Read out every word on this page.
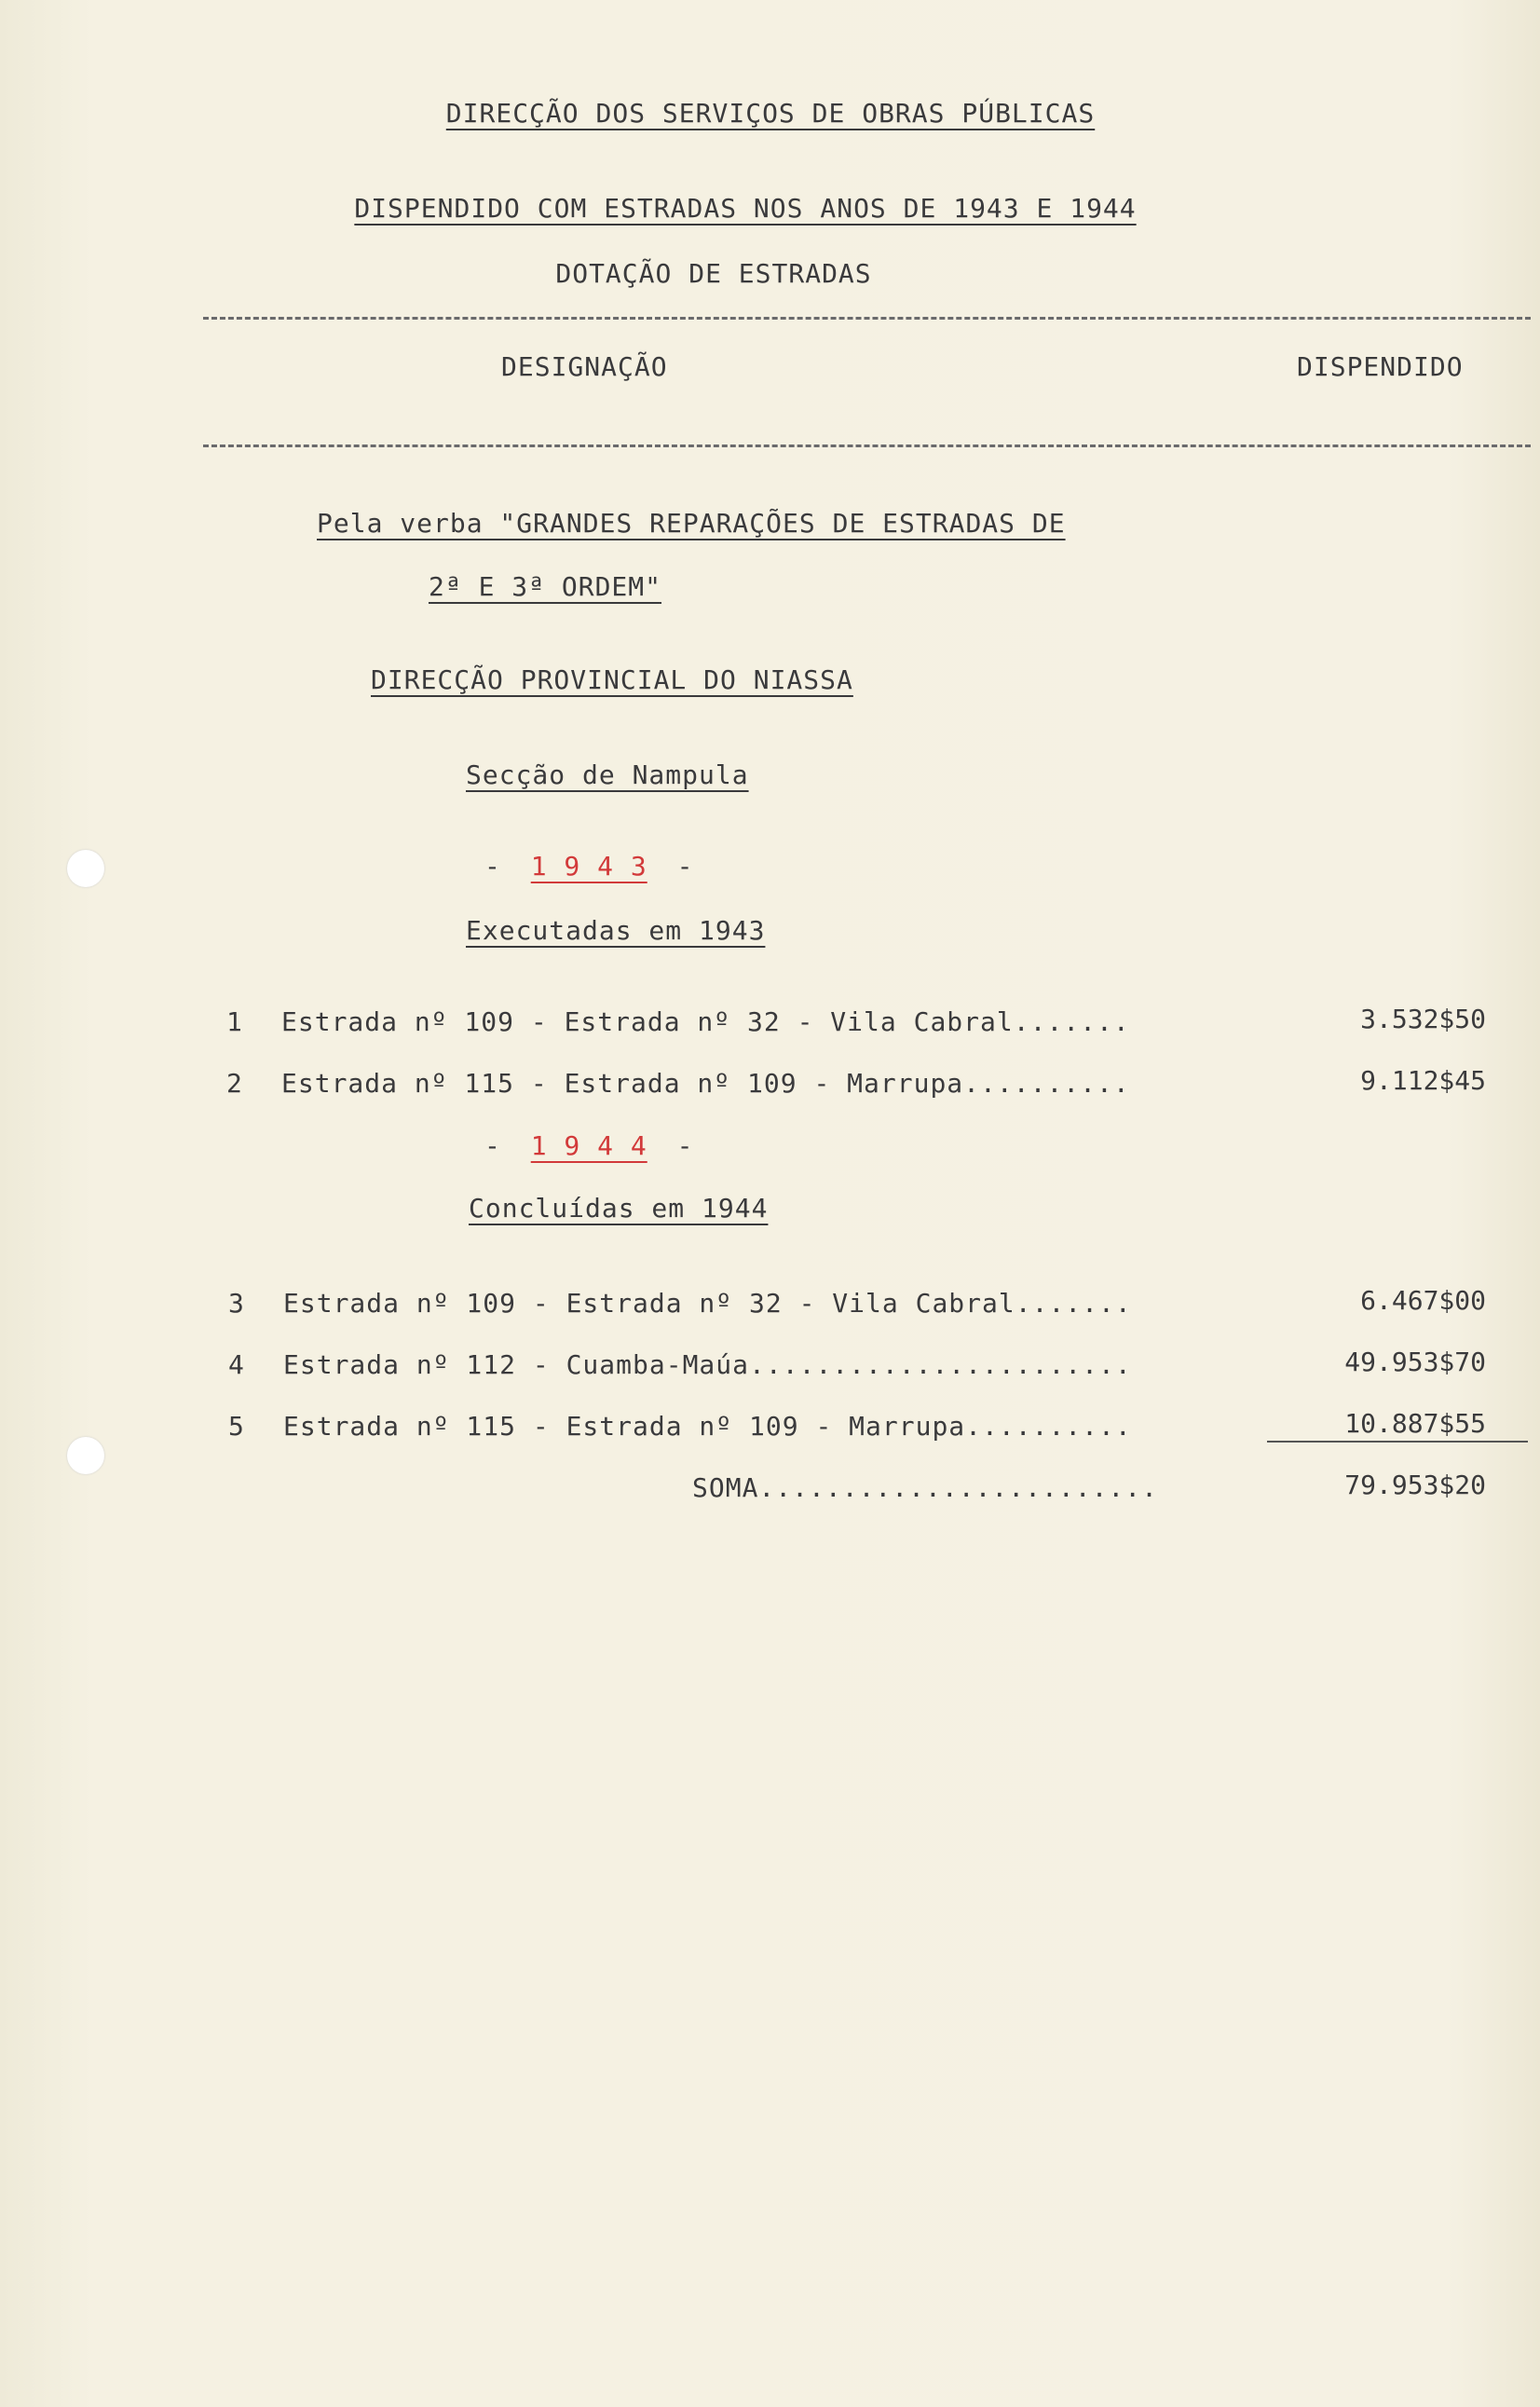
DIRECÇÃO DOS SERVIÇOS DE OBRAS PÚBLICAS
DISPENDIDO COM ESTRADAS NOS ANOS DE 1943 E 1944
DOTAÇÃO DE ESTRADAS
DESIGNAÇÃO	DISPENDIDO
Pela verba "GRANDES REPARAÇÕES DE ESTRADAS DE
2ª E 3ª ORDEM"
DIRECÇÃO PROVINCIAL DO NIASSA
Secção de Nampula
- 1 9 4 3 -
Executadas em 1943
1 Estrada nº 109 - Estrada nº 32 - Vila Cabral.......	3.532$50
2 Estrada nº 115 - Estrada nº 109 - Marrupa..........	9.112$45
- 1 9 4 4 -
Concluídas em 1944
3 Estrada nº 109 - Estrada nº 32 - Vila Cabral.......	6.467$00
4 Estrada nº 112 - Cuamba-Maúa.......................	49.953$70
5 Estrada nº 115 - Estrada nº 109 - Marrupa..........	10.887$55
SOMA........................	79.953$20
